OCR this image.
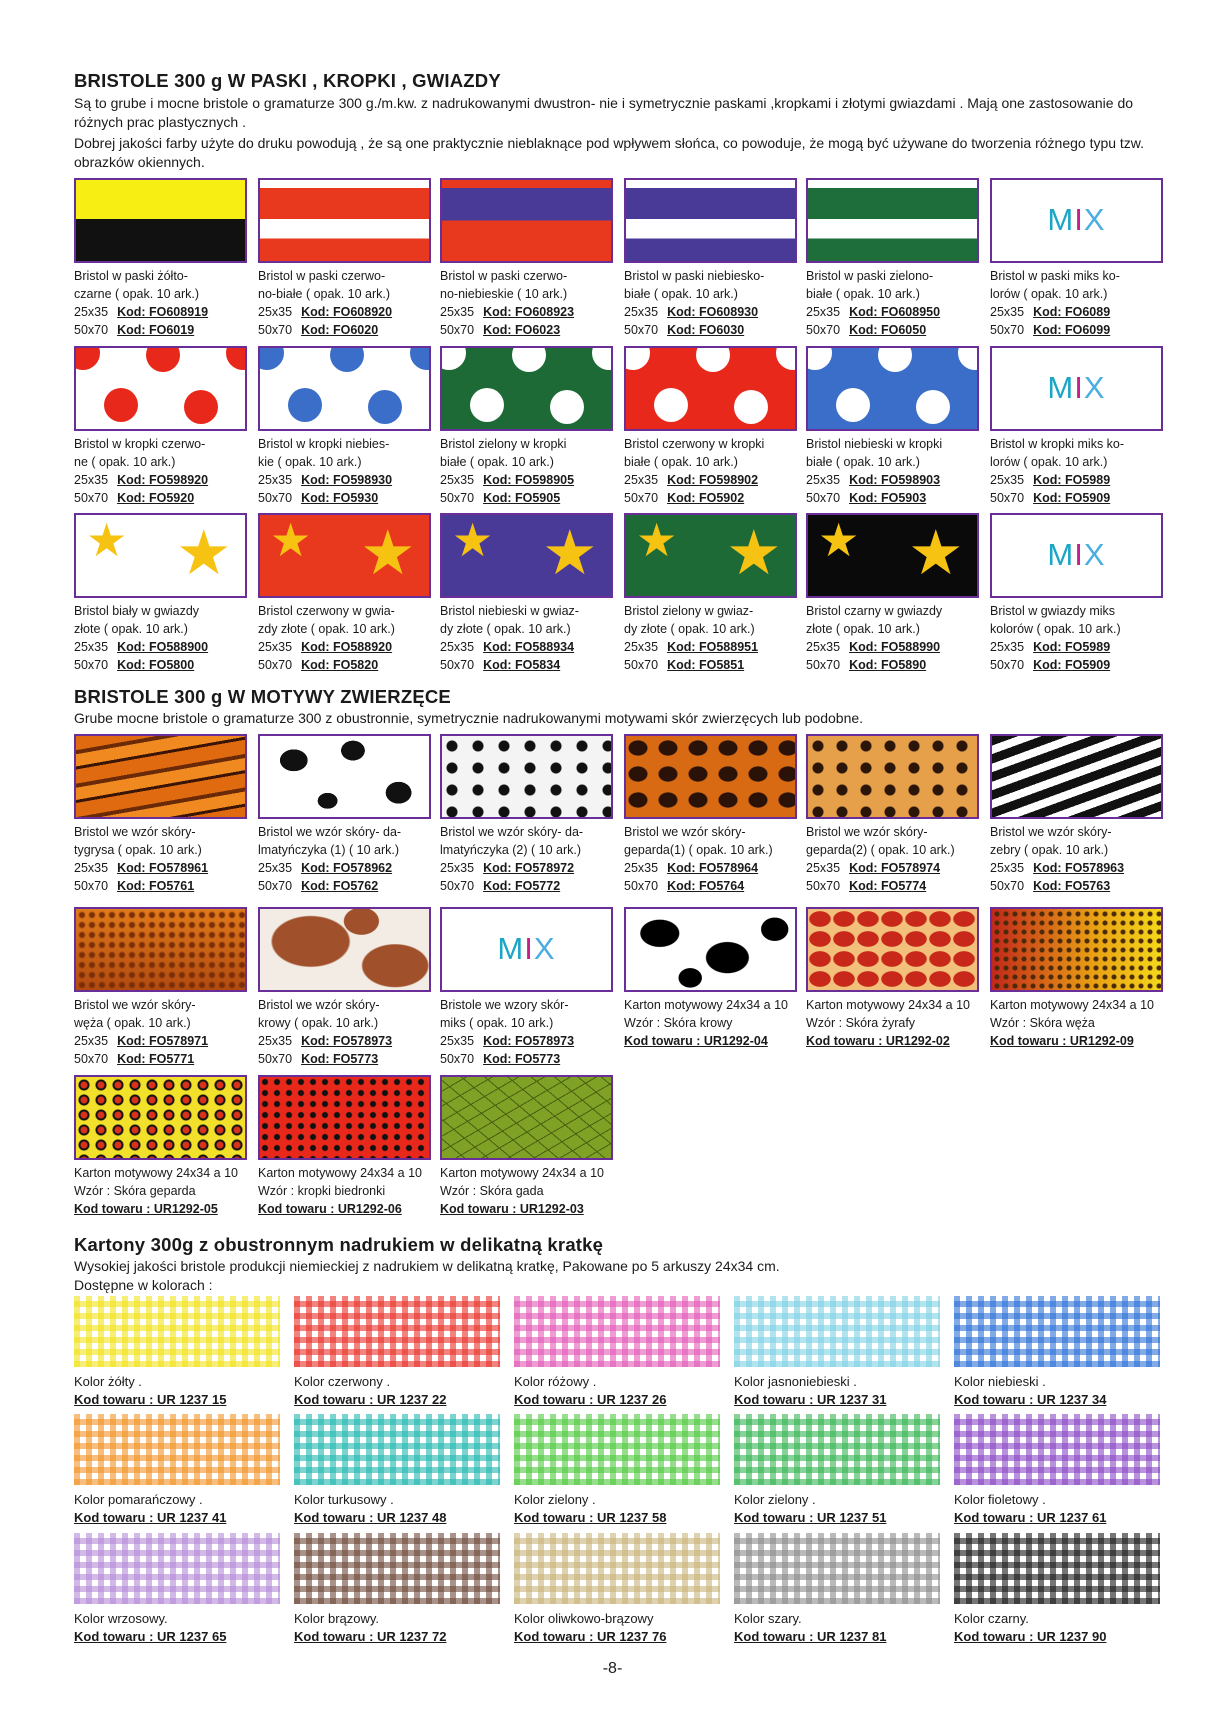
BRISTOLE 300 g W PASKI , KROPKI , GWIAZDY
Są to grube i mocne bristole o gramaturze 300 g./m.kw. z nadrukowanymi dwustron- nie i symetrycznie paskami ,kropkami i złotymi gwiazdami . Mają one zastosowanie do różnych prac plastycznych .
Dobrej jakości farby użyte do druku powodują , że są one praktycznie nieblaknące pod wpływem słońca, co powoduje, że mogą być używane do tworzenia różnego typu tzw. obrazków okiennych.
Bristol w paski żółto-
czarne ( opak. 10 ark.)
25x35 Kod: FO608919
50x70 Kod: FO6019
Bristol w paski czerwo-
no-białe ( opak. 10 ark.)
25x35 Kod: FO608920
50x70 Kod: FO6020
Bristol w paski czerwo-
no-niebieskie ( 10 ark.)
25x35 Kod: FO608923
50x70 Kod: FO6023
Bristol w paski niebiesko-
białe ( opak. 10 ark.)
25x35 Kod: FO608930
50x70 Kod: FO6030
Bristol w paski zielono-
białe ( opak. 10 ark.)
25x35 Kod: FO608950
50x70 Kod: FO6050
MIX
Bristol w paski miks ko-
lorów ( opak. 10 ark.)
25x35 Kod: FO6089
50x70 Kod: FO6099
Bristol w kropki czerwo-
ne ( opak. 10 ark.)
25x35 Kod: FO598920
50x70 Kod: FO5920
Bristol w kropki niebies-
kie ( opak. 10 ark.)
25x35 Kod: FO598930
50x70 Kod: FO5930
Bristol zielony w kropki
białe ( opak. 10 ark.)
25x35 Kod: FO598905
50x70 Kod: FO5905
Bristol czerwony w kropki
białe ( opak. 10 ark.)
25x35 Kod: FO598902
50x70 Kod: FO5902
Bristol niebieski w kropki
białe ( opak. 10 ark.)
25x35 Kod: FO598903
50x70 Kod: FO5903
MIX
Bristol w kropki miks ko-
lorów ( opak. 10 ark.)
25x35 Kod: FO5989
50x70 Kod: FO5909
★ ★
Bristol biały w gwiazdy
złote ( opak. 10 ark.)
25x35 Kod: FO588900
50x70 Kod: FO5800
★ ★
Bristol czerwony w gwia-
zdy złote ( opak. 10 ark.)
25x35 Kod: FO588920
50x70 Kod: FO5820
★ ★
Bristol niebieski w gwiaz-
dy złote ( opak. 10 ark.)
25x35 Kod: FO588934
50x70 Kod: FO5834
★ ★
Bristol zielony w gwiaz-
dy złote ( opak. 10 ark.)
25x35 Kod: FO588951
50x70 Kod: FO5851
★ ★
Bristol czarny w gwiazdy
złote ( opak. 10 ark.)
25x35 Kod: FO588990
50x70 Kod: FO5890
MIX
Bristol w gwiazdy miks
kolorów ( opak. 10 ark.)
25x35 Kod: FO5989
50x70 Kod: FO5909
BRISTOLE 300 g W MOTYWY ZWIERZĘCE
Grube mocne bristole o gramaturze 300 z obustronnie, symetrycznie nadrukowanymi motywami skór zwierzęcych lub podobne.
Bristol we wzór skóry-
tygrysa ( opak. 10 ark.)
25x35 Kod: FO578961
50x70 Kod: FO5761
Bristol we wzór skóry- da-
lmatyńczyka (1) ( 10 ark.)
25x35 Kod: FO578962
50x70 Kod: FO5762
Bristol we wzór skóry- da-
lmatyńczyka (2) ( 10 ark.)
25x35 Kod: FO578972
50x70 Kod: FO5772
Bristol we wzór skóry-
geparda(1) ( opak. 10 ark.)
25x35 Kod: FO578964
50x70 Kod: FO5764
Bristol we wzór skóry-
geparda(2) ( opak. 10 ark.)
25x35 Kod: FO578974
50x70 Kod: FO5774
Bristol we wzór skóry-
zebry ( opak. 10 ark.)
25x35 Kod: FO578963
50x70 Kod: FO5763
Bristol we wzór skóry-
węża ( opak. 10 ark.)
25x35 Kod: FO578971
50x70 Kod: FO5771
Bristol we wzór skóry-
krowy ( opak. 10 ark.)
25x35 Kod: FO578973
50x70 Kod: FO5773
MIX
Bristole we wzory skór-
miks ( opak. 10 ark.)
25x35 Kod: FO578973
50x70 Kod: FO5773
Karton motywowy 24x34 a 10
Wzór : Skóra krowy
Kod towaru : UR1292-04
Karton motywowy 24x34 a 10
Wzór : Skóra żyrafy
Kod towaru : UR1292-02
Karton motywowy 24x34 a 10
Wzór : Skóra węża
Kod towaru : UR1292-09
Karton motywowy 24x34 a 10
Wzór : Skóra geparda
Kod towaru : UR1292-05
Karton motywowy 24x34 a 10
Wzór : kropki biedronki
Kod towaru : UR1292-06
Karton motywowy 24x34 a 10
Wzór : Skóra gada
Kod towaru : UR1292-03
Kartony 300g z obustronnym nadrukiem w delikatną kratkę
Wysokiej jakości bristole produkcji niemieckiej z nadrukiem w delikatną kratkę, Pakowane po 5 arkuszy 24x34 cm.
Dostępne w kolorach :
Kolor żółty .
Kod towaru : UR 1237 15
Kolor czerwony .
Kod towaru : UR 1237 22
Kolor różowy .
Kod towaru : UR 1237 26
Kolor jasnoniebieski .
Kod towaru : UR 1237 31
Kolor niebieski .
Kod towaru : UR 1237 34
Kolor pomarańczowy .
Kod towaru : UR 1237 41
Kolor turkusowy .
Kod towaru : UR 1237 48
Kolor zielony .
Kod towaru : UR 1237 58
Kolor zielony .
Kod towaru : UR 1237 51
Kolor fioletowy .
Kod towaru : UR 1237 61
Kolor wrzosowy.
Kod towaru : UR 1237 65
Kolor brązowy.
Kod towaru : UR 1237 72
Kolor oliwkowo-brązowy
Kod towaru : UR 1237 76
Kolor szary.
Kod towaru : UR 1237 81
Kolor czarny.
Kod towaru : UR 1237 90
-8-
